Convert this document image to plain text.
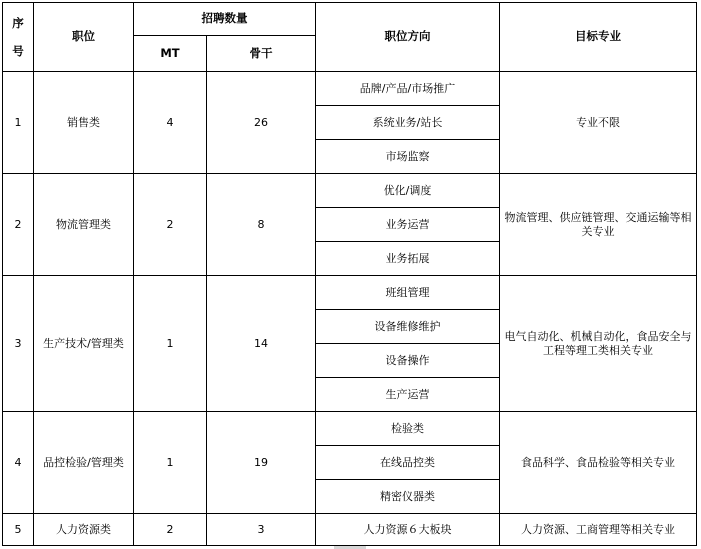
序
号	职位	招聘数量		职位方向	目标专业
		MT	骨干		
1	销售类	4	26	品牌/产品/市场推广	专业不限
				系统业务/站长	
				市场监察	
2	物流管理类	2	8	优化/调度	物流管理、供应链管理、交通运输等相关专业
				业务运营	
				业务拓展	
3	生产技术/管理类	1	14	班组管理	电气自动化、机械自动化，食品安全与工程等理工类相关专业
				设备维修维护	
				设备操作	
				生产运营	
4	品控检验/管理类	1	19	检验类	食品科学、食品检验等相关专业
				在线品控类	
				精密仪器类	
5	人力资源类	2	3	人力资源６大板块	人力资源、工商管理等相关专业
